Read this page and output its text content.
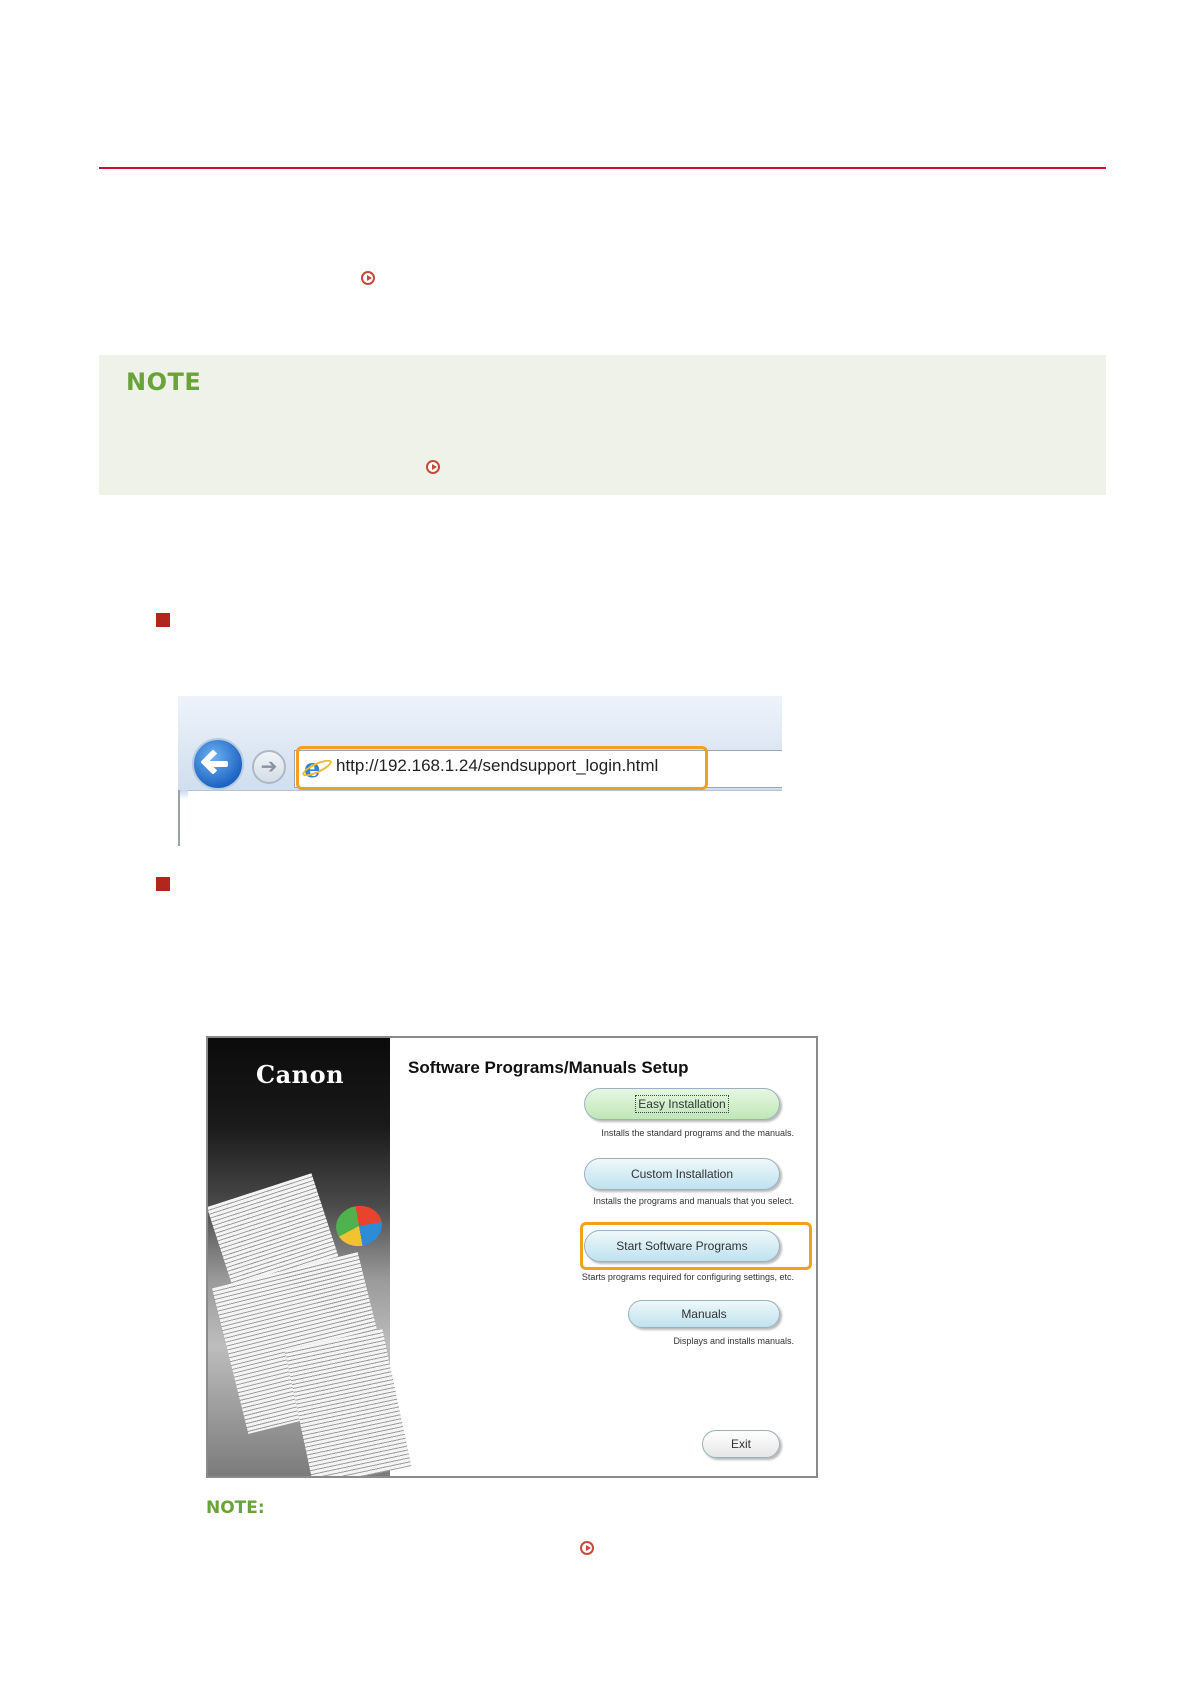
NOTE
➔	e http://192.168.1.24/sendsupport_login.html
Canon	Software Programs/Manuals Setup
Easy Installation
Installs the standard programs and the manuals.
Custom Installation
Installs the programs and manuals that you select.
Start Software Programs
Starts programs required for configuring settings, etc.
Manuals
Displays and installs manuals.
Exit
NOTE:
